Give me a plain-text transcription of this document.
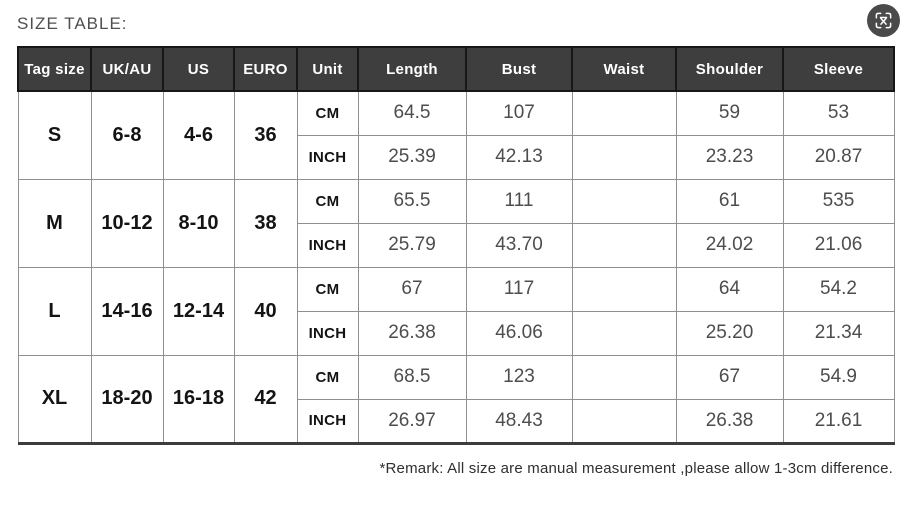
SIZE TABLE:
Tag size	UK/AU	US	EURO	Unit	Length	Bust	Waist	Shoulder	Sleeve
S	6-8	4-6	36	CM	64.5	107		59	53
				INCH	25.39	42.13		23.23	20.87
M	10-12	8-10	38	CM	65.5	111		61	535
				INCH	25.79	43.70		24.02	21.06
L	14-16	12-14	40	CM	67	117		64	54.2
				INCH	26.38	46.06		25.20	21.34
XL	18-20	16-18	42	CM	68.5	123		67	54.9
				INCH	26.97	48.43		26.38	21.61
*Remark: All size are manual measurement ,please allow 1-3cm difference.
